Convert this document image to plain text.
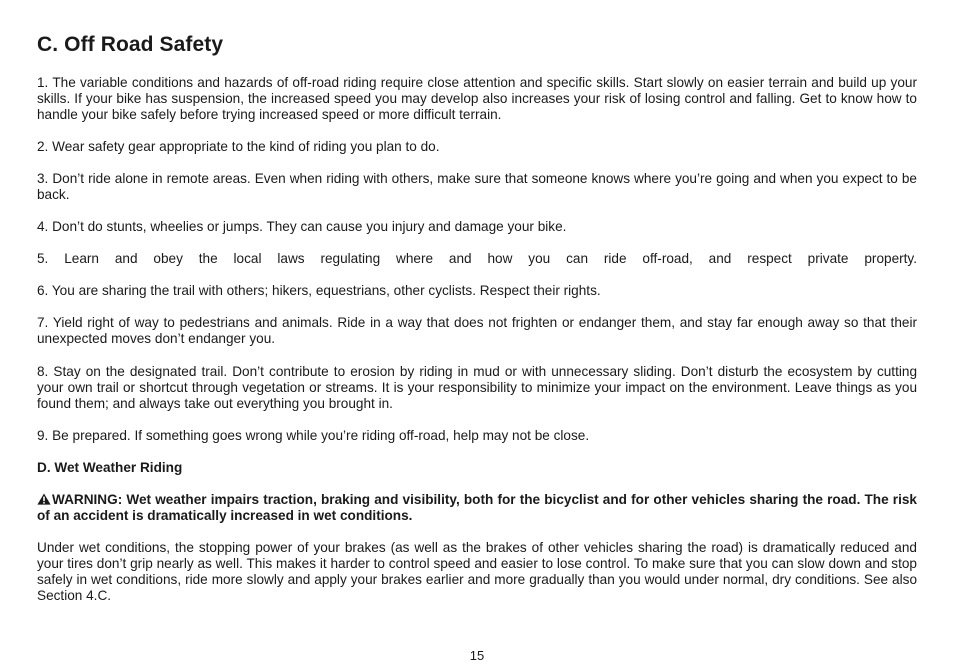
C. Off Road Safety

1. The variable conditions and hazards of off-road riding require close attention and specific skills. Start slowly on easier terrain and build up your skills. If your bike has suspension, the increased speed you may develop also increases your risk of losing control and falling. Get to know how to handle your bike safely before trying increased speed or more difficult terrain.

2. Wear safety gear appropriate to the kind of riding you plan to do.

3. Don’t ride alone in remote areas. Even when riding with others, make sure that someone knows where you’re going and when you expect to be back.

4. Don’t do stunts, wheelies or jumps. They can cause you injury and damage your bike.

5. Learn and obey the local laws regulating where and how you can ride off-road, and respect private property.

6. You are sharing the trail with others; hikers, equestrians, other cyclists. Respect their rights.

7. Yield right of way to pedestrians and animals. Ride in a way that does not frighten or endanger them, and stay far enough away so that their unexpected moves don’t endanger you.

8. Stay on the designated trail. Don’t contribute to erosion by riding in mud or with unnecessary sliding. Don’t disturb the ecosystem by cutting your own trail or shortcut through vegetation or streams. It is your responsibility to minimize your impact on the environment. Leave things as you found them; and always take out everything you brought in.

9. Be prepared. If something goes wrong while you’re riding off-road, help may not be close.

D. Wet Weather Riding

WARNING: Wet weather impairs traction, braking and visibility, both for the bicyclist and for other vehicles sharing the road. The risk of an accident is dramatically increased in wet conditions.

Under wet conditions, the stopping power of your brakes (as well as the brakes of other vehicles sharing the road) is dramatically reduced and your tires don’t grip nearly as well. This makes it harder to control speed and easier to lose control. To make sure that you can slow down and stop safely in wet conditions, ride more slowly and apply your brakes earlier and more gradually than you would under normal, dry conditions. See also Section 4.C.

15
